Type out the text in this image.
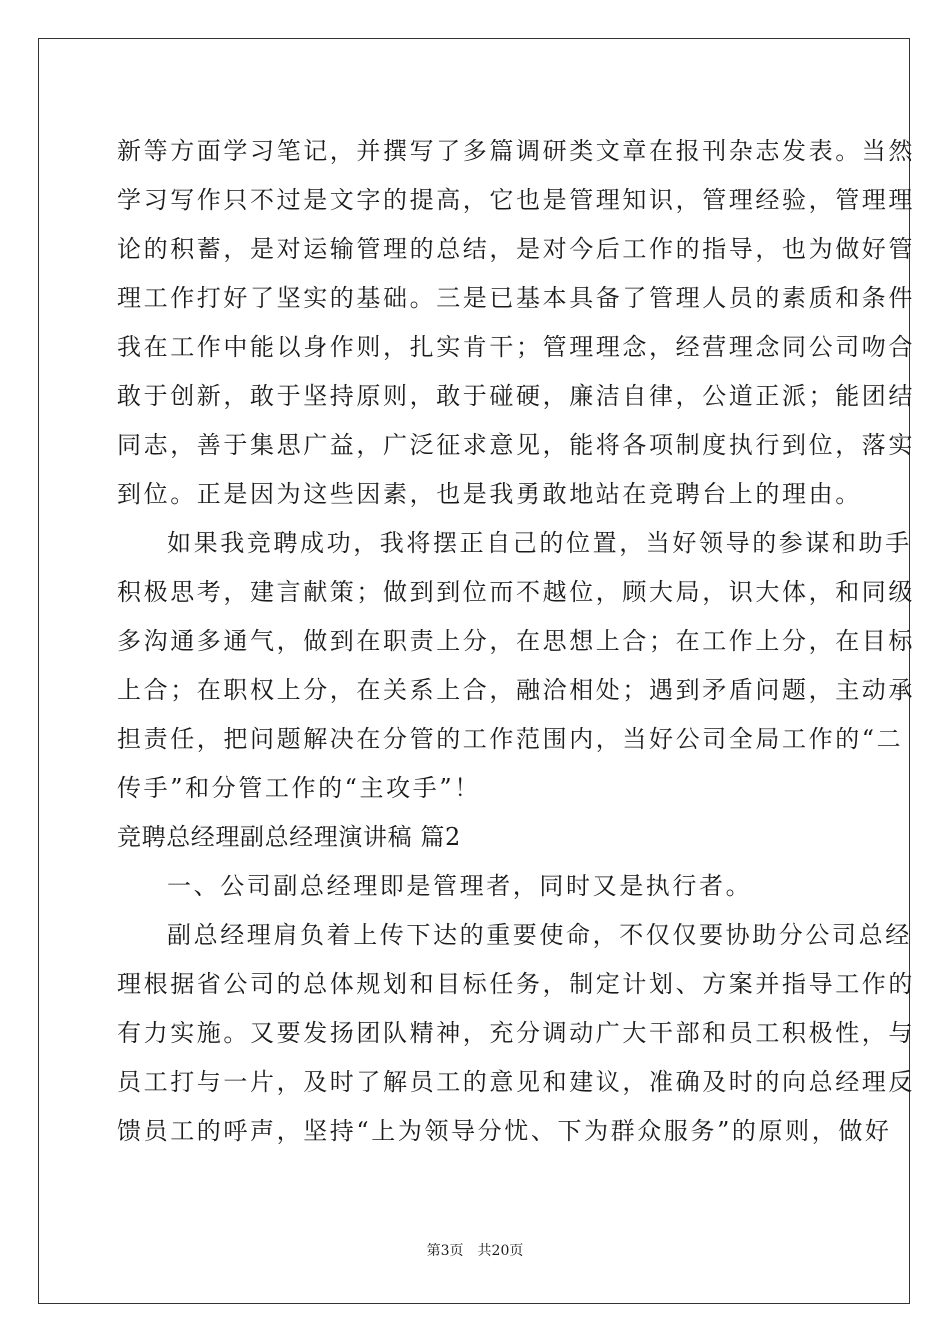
新等方面学习笔记，并撰写了多篇调研类文章在报刊杂志发表。当然
学习写作只不过是文字的提高，它也是管理知识，管理经验，管理理
论的积蓄，是对运输管理的总结，是对今后工作的指导，也为做好管
理工作打好了坚实的基础。三是已基本具备了管理人员的素质和条件
我在工作中能以身作则，扎实肯干；管理理念，经营理念同公司吻合
敢于创新，敢于坚持原则，敢于碰硬，廉洁自律，公道正派；能团结
同志，善于集思广益，广泛征求意见，能将各项制度执行到位，落实
到位。正是因为这些因素，也是我勇敢地站在竞聘台上的理由。
如果我竞聘成功，我将摆正自己的位置，当好领导的参谋和助手
积极思考，建言献策；做到到位而不越位，顾大局，识大体，和同级
多沟通多通气，做到在职责上分，在思想上合；在工作上分，在目标
上合；在职权上分，在关系上合，融洽相处；遇到矛盾问题，主动承
担责任，把问题解决在分管的工作范围内，当好公司全局工作的“二
传手”和分管工作的“主攻手”！
竞聘总经理副总经理演讲稿 篇2
一、公司副总经理即是管理者，同时又是执行者。
副总经理肩负着上传下达的重要使命，不仅仅要协助分公司总经
理根据省公司的总体规划和目标任务，制定计划、方案并指导工作的
有力实施。又要发扬团队精神，充分调动广大干部和员工积极性，与
员工打与一片，及时了解员工的意见和建议，准确及时的向总经理反
馈员工的呼声，坚持“上为领导分忧、下为群众服务”的原则，做好
第3页　共20页
